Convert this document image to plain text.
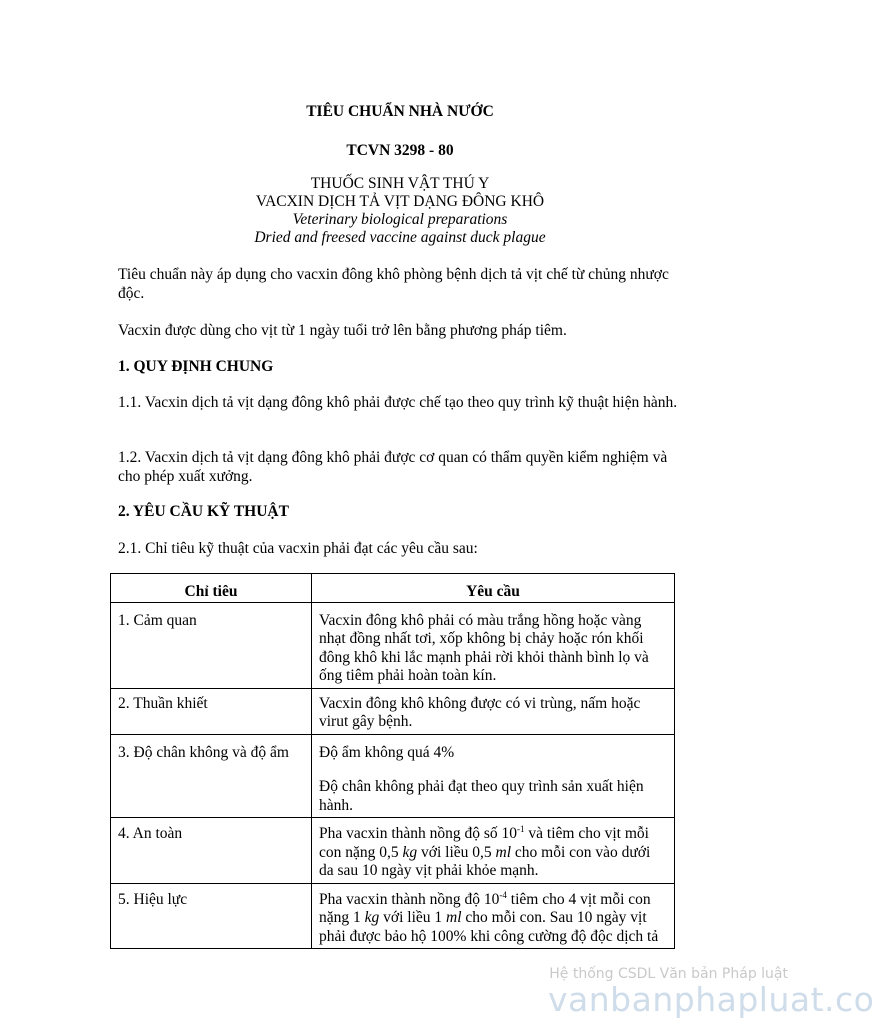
TIÊU CHUẨN NHÀ NƯỚC
TCVN 3298 - 80
THUỐC SINH VẬT THÚ Y
VACXIN DỊCH TẢ VỊT DẠNG ĐÔNG KHÔ
Veterinary biological preparations
Dried and freesed vaccine against duck plague

Tiêu chuẩn này áp dụng cho vacxin đông khô phòng bệnh dịch tả vịt chế từ chủng nhược độc.

Vacxin được dùng cho vịt từ 1 ngày tuổi trở lên bằng phương pháp tiêm.

1. QUY ĐỊNH CHUNG

1.1. Vacxin dịch tả vịt dạng đông khô phải được chế tạo theo quy trình kỹ thuật hiện hành.

1.2. Vacxin dịch tả vịt dạng đông khô phải được cơ quan có thẩm quyền kiểm nghiệm và cho phép xuất xưởng.

2. YÊU CẦU KỸ THUẬT

2.1. Chỉ tiêu kỹ thuật của vacxin phải đạt các yêu cầu sau:

Chỉ tiêu	Yêu cầu
1. Cảm quan	Vacxin đông khô phải có màu trắng hồng hoặc vàng nhạt đồng nhất tơi, xốp không bị chảy hoặc rón khối đông khô khi lắc mạnh phải rời khỏi thành bình lọ và ống tiêm phải hoàn toàn kín.
2. Thuần khiết	Vacxin đông khô không được có vi trùng, nấm hoặc virut gây bệnh.
3. Độ chân không và độ ẩm	Độ ẩm không quá 4%
Độ chân không phải đạt theo quy trình sản xuất hiện hành.

4. An toàn	Pha vacxin thành nồng độ số $10^{-1}$ và tiêm cho vịt mỗi con nặng 0,5 kg với liều 0,5 ml cho mỗi con vào dưới da sau 10 ngày vịt phải khỏe mạnh.
5. Hiệu lực	Pha vacxin thành nồng độ $10^{-4}$ tiêm cho 4 vịt mỗi con nặng 1 kg với liều 1 ml cho mỗi con. Sau 10 ngày vịt phải được bảo hộ 100% khi công cường độ độc dịch tả
Hệ thống CSDL Văn bản Pháp luật
vanbanphapluat.co
